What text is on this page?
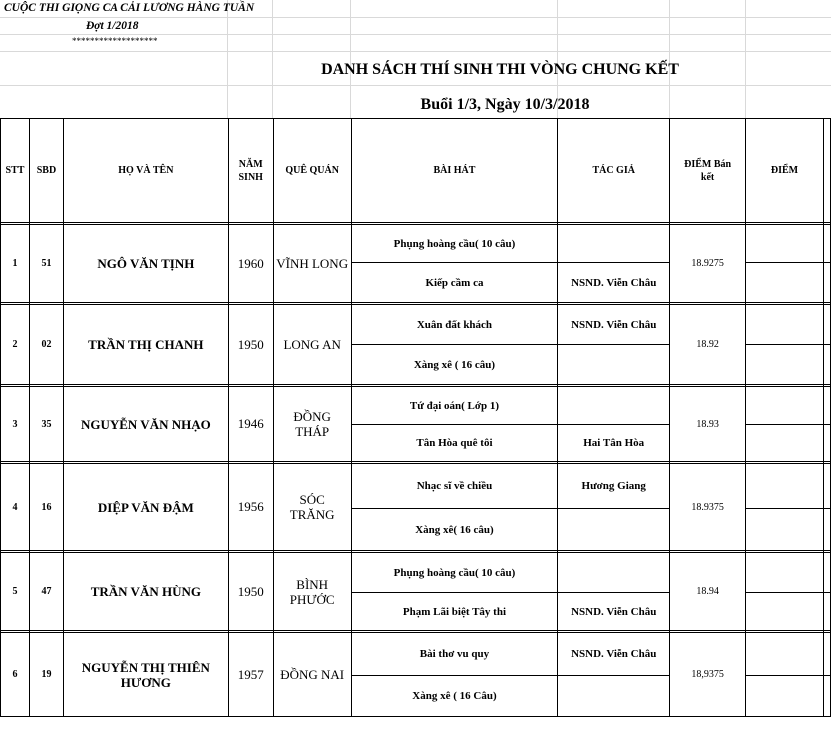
CUỘC THI GIỌNG CA CẢI LƯƠNG HÀNG TUẦN
Đợt 1/2018
*******************
DANH SÁCH THÍ SINH THI VÒNG CHUNG KẾT
Buổi 1/3, Ngày 10/3/2018
STT	SBD	HỌ VÀ TÊN	NĂM SINH	QUÊ QUÁN	BÀI HÁT	TÁC GIẢ	ĐIỂM Bán kết	ĐIỂM	

1	51	NGÔ VĂN TỊNH	1960	VĨNH LONG	Phụng hoàng cầu( 10 câu)		18.9275		
					Kiếp cầm ca	NSND. Viễn Châu			

2	02	TRẦN THỊ CHANH	1950	LONG AN	Xuân đất khách	NSND. Viễn Châu	18.92		
					Xàng xê ( 16 câu)				

3	35	NGUYỄN VĂN NHẠO	1946	ĐỒNG THÁP	Tứ đại oán( Lớp 1)		18.93		
					Tân Hòa quê tôi	Hai Tân Hòa			

4	16	DIỆP VĂN ĐẬM	1956	SÓC TRĂNG	Nhạc sĩ về chiều	Hương Giang	18.9375		
					Xàng xê( 16 câu)				

5	47	TRẦN VĂN HÙNG	1950	BÌNH PHƯỚC	Phụng hoàng cầu( 10 câu)		18.94		
					Phạm Lãi biệt Tây thi	NSND. Viễn Châu			

6	19	NGUYỄN THỊ THIÊN HƯƠNG	1957	ĐỒNG NAI	Bài thơ vu quy	NSND. Viễn Châu	18,9375		
					Xàng xê ( 16 Câu)				
